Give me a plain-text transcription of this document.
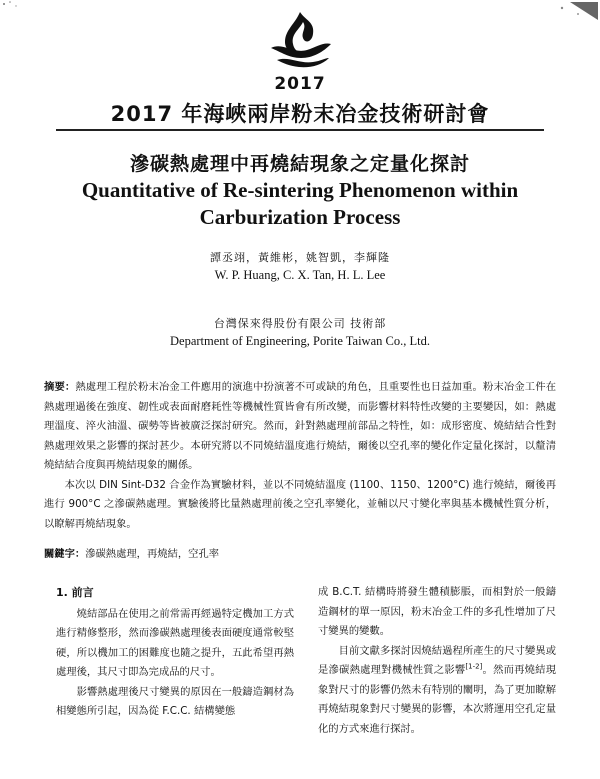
2017
2017 年海峽兩岸粉末冶金技術研討會
滲碳熱處理中再燒結現象之定量化探討
Quantitative of Re-sintering Phenomenon within
Carburization Process
譚丞翊，黃維彬，姚智凱，李輝隆
W. P. Huang, C. X. Tan, H. L. Lee
台灣保來得股份有限公司 技術部
Department of Engineering, Porite Taiwan Co., Ltd.

摘要：熱處理工程於粉末冶金工件應用的演進中扮演著不可或缺的角色，且重要性也日益加重。粉末冶金工件在熱處理過後在強度、韌性或表面耐磨耗性等機械性質皆會有所改變，而影響材料特性改變的主要變因，如：熱處理溫度、淬火油溫、碳勢等皆被廣泛探討研究。然而，針對熱處理前部品之特性，如：成形密度、燒結結合性對熱處理效果之影響的探討甚少。本研究將以不同燒結溫度進行燒結，爾後以空孔率的變化作定量化探討，以釐清燒結結合度與再燒結現象的關係。

本次以 DIN Sint-D32 合金作為實驗材料，並以不同燒結溫度 (1100、1150、1200°C) 進行燒結，爾後再進行 900°C 之滲碳熱處理。實驗後將比量熱處理前後之空孔率變化，並輔以尺寸變化率與基本機械性質分析，以瞭解再燒結現象。

關鍵字：滲碳熱處理，再燒結，空孔率

1. 前言

燒結部品在使用之前常需再經過特定機加工方式進行精修整形，然而滲碳熱處理後表面硬度通常較堅硬，所以機加工的困難度也隨之提升，五此希望再熱處理後，其尺寸即為完成品的尺寸。

影響熱處理後尺寸變異的原因在一般鑄造鋼材為相變態所引起，因為從 F.C.C. 結構變態

成 B.C.T. 結構時將發生體積膨脹，而相對於一般鑄造鋼材的單一原因，粉末冶金工件的多孔性增加了尺寸變異的變數。

目前文獻多探討因燒結過程所產生的尺寸變異或是滲碳熱處理對機械性質之影響[1-2]。然而再燒結現象對尺寸的影響仍然未有特別的闡明，為了更加瞭解再燒結現象對尺寸變異的影響，本次將運用空孔定量化的方式來進行探討。
